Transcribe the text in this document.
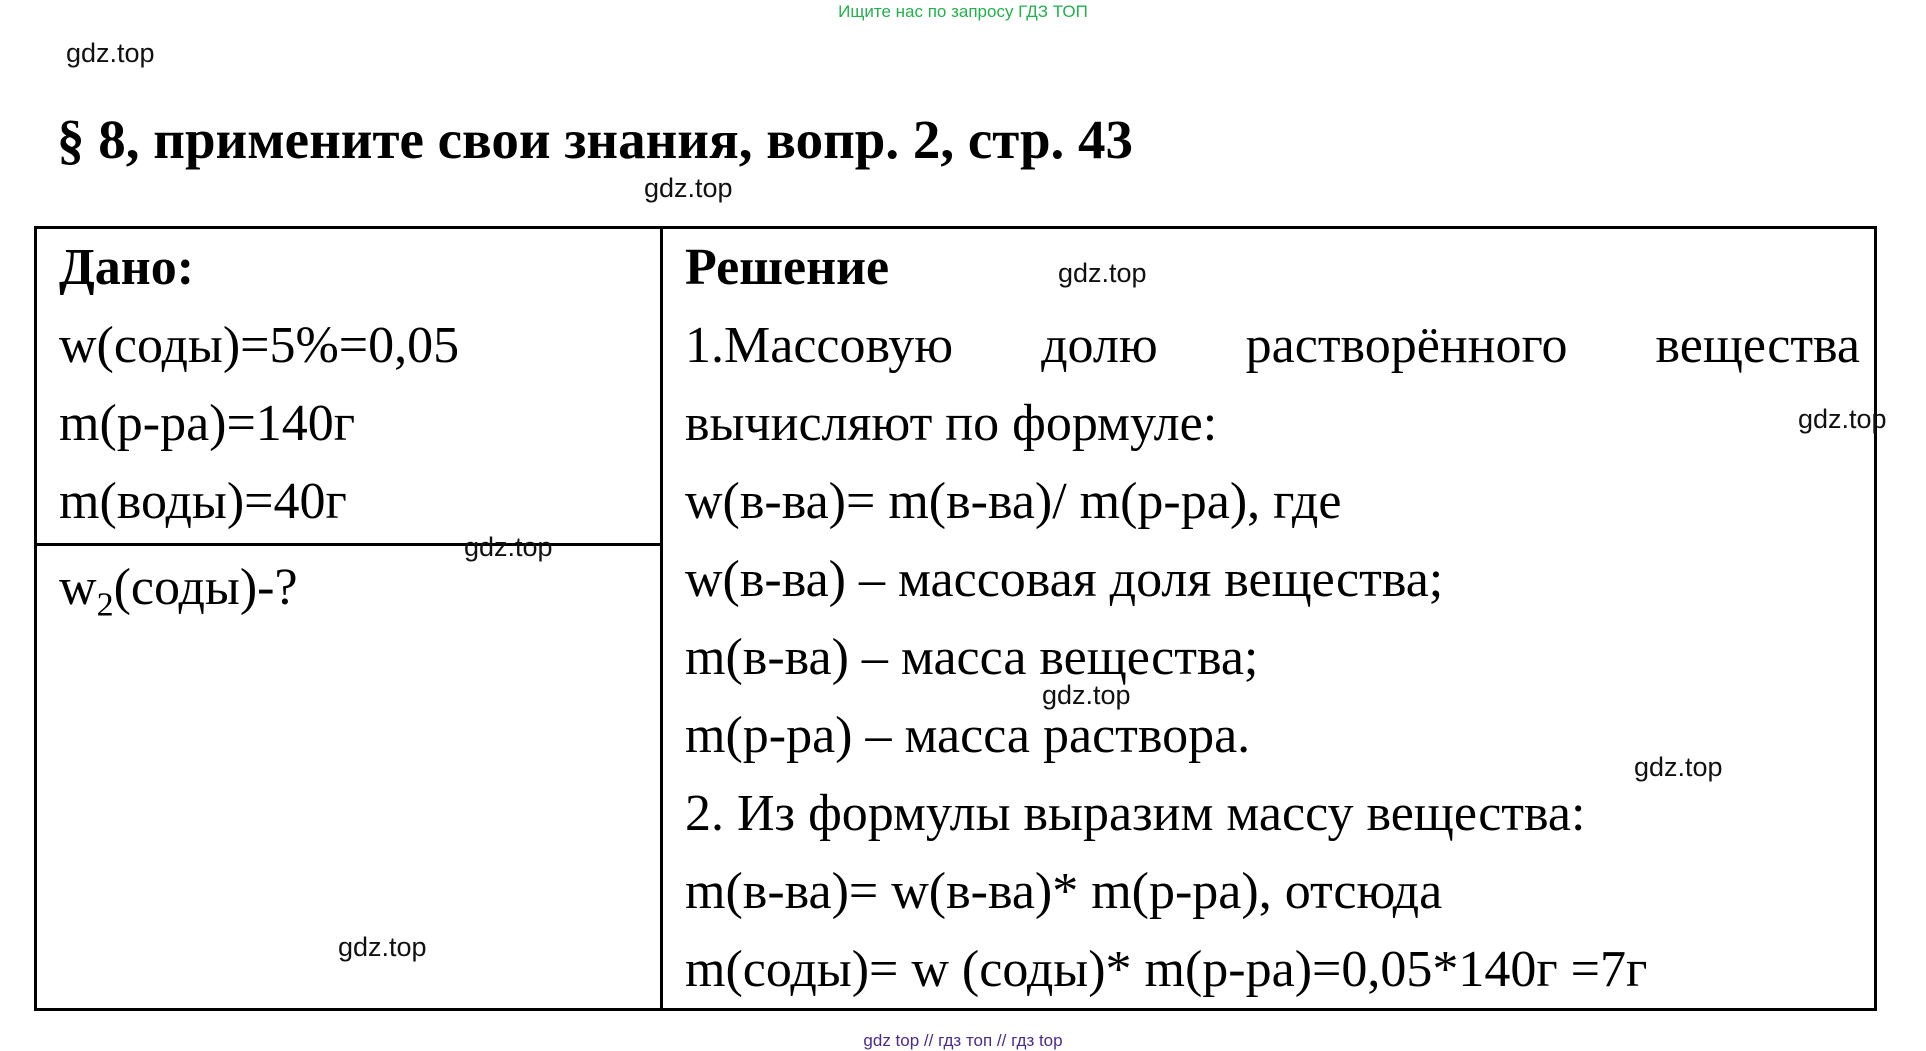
Ищите нас по запросу ГДЗ ТОП
gdz.top
§ 8, примените свои знания, вопр. 2, стр. 43
gdz.top
Дано:
w(соды)=5%=0,05
m(р-ра)=140г
m(воды)=40г
$w_2(соды)-$?
Решение
1.Массовую долю растворённого вещества
вычисляют по формуле:
w(в-ва)= m(в-ва)/ m(р-ра), где
w(в-ва) – массовая доля вещества;
m(в-ва) – масса вещества;
m(р-ра) – масса раствора.
2. Из формулы выразим массу вещества:
m(в-ва)= w(в-ва)* m(р-ра), отсюда
m(соды)= w (соды)* m(р-ра)=0,05*140г =7г
gdz.top
gdz.top
gdz.top
gdz.top
gdz.top
gdz.top
gdz top // гдз топ // гдз top
